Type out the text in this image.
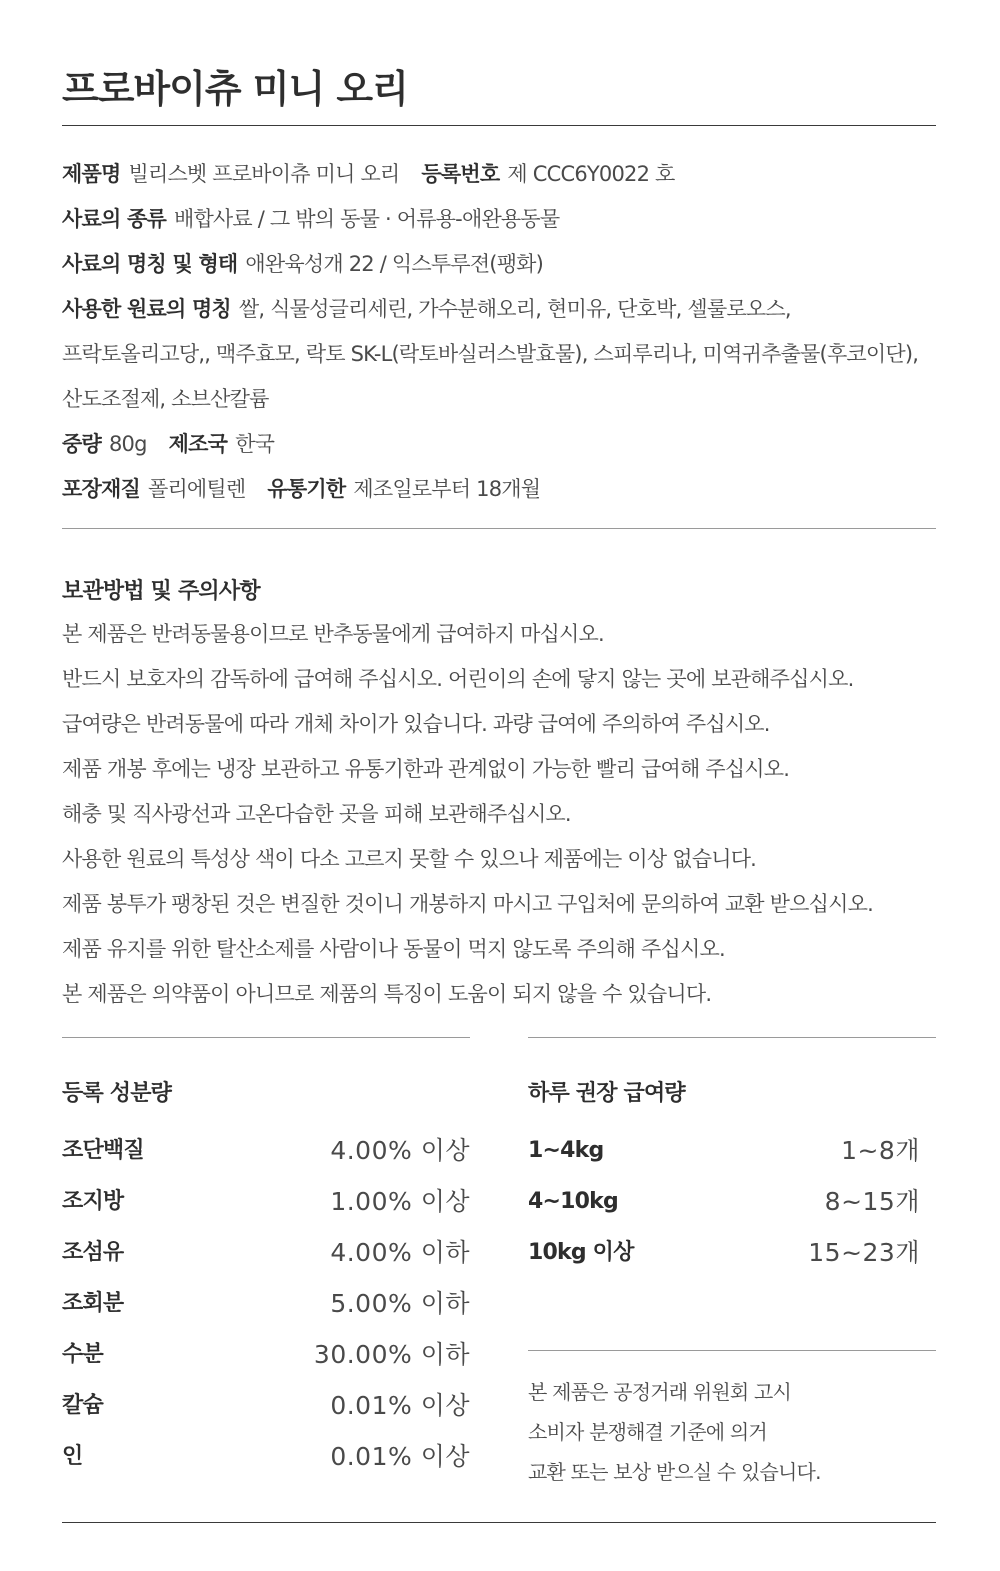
프로바이츄 미니 오리
제품명 빌리스벳 프로바이츄 미니 오리 등록번호 제 CCC6Y0022 호
사료의 종류 배합사료 / 그 밖의 동물 · 어류용-애완용동물
사료의 명칭 및 형태 애완육성개 22 / 익스투루젼(팽화)
사용한 원료의 명칭 쌀, 식물성글리세린, 가수분해오리, 현미유, 단호박, 셀룰로오스,
프락토올리고당,, 맥주효모, 락토 SK-L(락토바실러스발효물), 스피루리나, 미역귀추출물(후코이단),
산도조절제, 소브산칼륨
중량 80g 제조국 한국
포장재질 폴리에틸렌 유통기한 제조일로부터 18개월
보관방법 및 주의사항
본 제품은 반려동물용이므로 반추동물에게 급여하지 마십시오.
반드시 보호자의 감독하에 급여해 주십시오. 어린이의 손에 닿지 않는 곳에 보관해주십시오.
급여량은 반려동물에 따라 개체 차이가 있습니다. 과량 급여에 주의하여 주십시오.
제품 개봉 후에는 냉장 보관하고 유통기한과 관계없이 가능한 빨리 급여해 주십시오.
해충 및 직사광선과 고온다습한 곳을 피해 보관해주십시오.
사용한 원료의 특성상 색이 다소 고르지 못할 수 있으나 제품에는 이상 없습니다.
제품 봉투가 팽창된 것은 변질한 것이니 개봉하지 마시고 구입처에 문의하여 교환 받으십시오.
제품 유지를 위한 탈산소제를 사람이나 동물이 먹지 않도록 주의해 주십시오.
본 제품은 의약품이 아니므로 제품의 특징이 도움이 되지 않을 수 있습니다.
등록 성분량	하루 권장 급여량
조단백질	4.00% 이상
조지방	1.00% 이상
조섬유	4.00% 이하
조회분	5.00% 이하
수분	30.00% 이하
칼슘	0.01% 이상
인	0.01% 이상
1~4kg	1~8개
4~10kg	8~15개
10kg 이상	15~23개
본 제품은 공정거래 위원회 고시
소비자 분쟁해결 기준에 의거
교환 또는 보상 받으실 수 있습니다.
